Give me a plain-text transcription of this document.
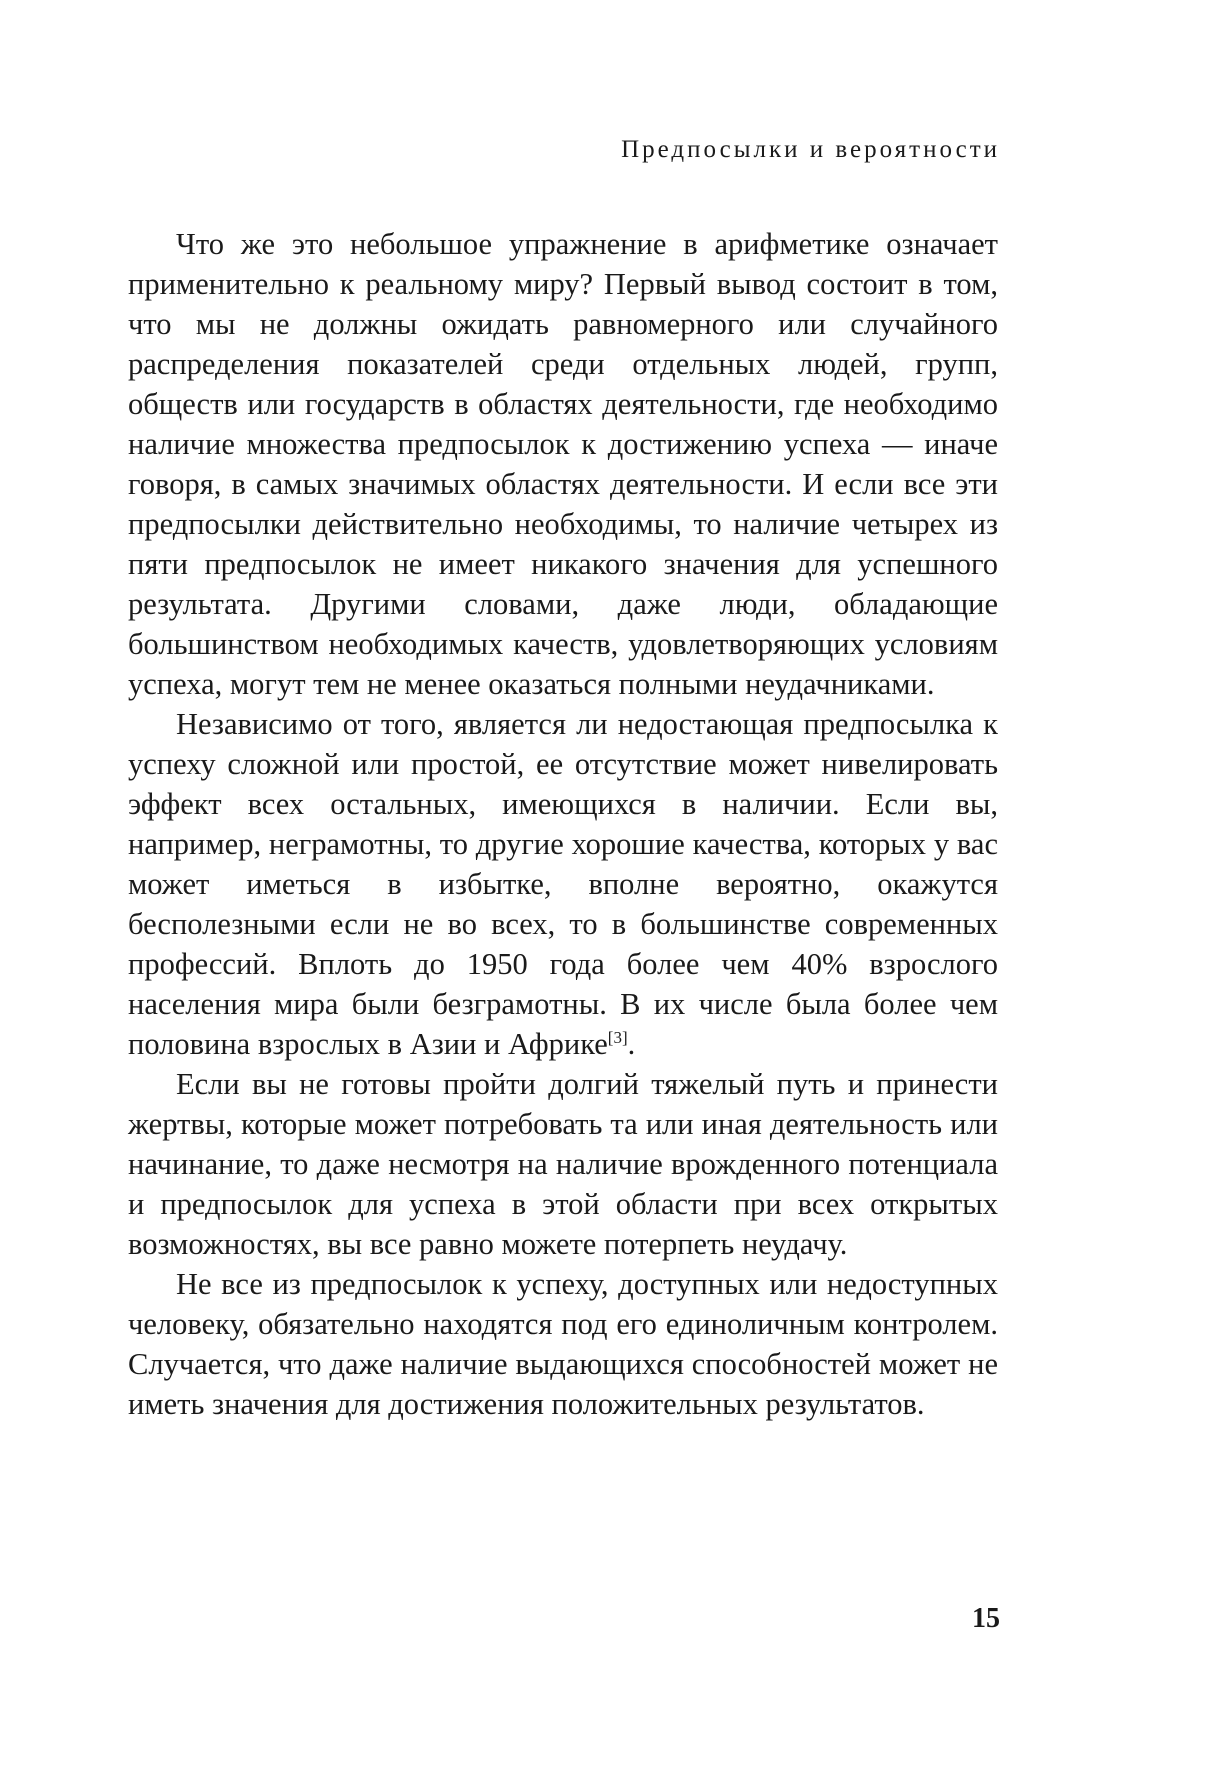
Предпосылки и вероятности

Что же это небольшое упражнение в арифметике означает применительно к реальному миру? Первый вывод состоит в том, что мы не должны ожидать равномерного или случайного распределения показателей среди отдельных людей, групп, обществ или государств в областях деятельности, где необходимо наличие множества предпосылок к достижению успеха — иначе говоря, в самых значимых областях деятельности. И если все эти предпосылки действительно необходимы, то наличие четырех из пяти предпосылок не имеет никакого значения для успешного результата. Другими словами, даже люди, обладающие большинством необходимых качеств, удовлетворяющих условиям успеха, могут тем не менее оказаться полными неудачниками.

Независимо от того, является ли недостающая предпосылка к успеху сложной или простой, ее отсутствие может нивелировать эффект всех остальных, имеющихся в наличии. Если вы, например, неграмотны, то другие хорошие качества, которых у вас может иметься в избытке, вполне вероятно, окажутся бесполезными если не во всех, то в большинстве современных профессий. Вплоть до 1950 года более чем 40% взрослого населения мира были безграмотны. В их числе была более чем половина взрослых в Азии и Африке[3].

Если вы не готовы пройти долгий тяжелый путь и принести жертвы, которые может потребовать та или иная деятельность или начинание, то даже несмотря на наличие врожденного потенциала и предпосылок для успеха в этой области при всех открытых возможностях, вы все равно можете потерпеть неудачу.

Не все из предпосылок к успеху, доступных или недоступных человеку, обязательно находятся под его единоличным контролем. Случается, что даже наличие выдающихся способностей может не иметь значения для достижения положительных результатов.

15
